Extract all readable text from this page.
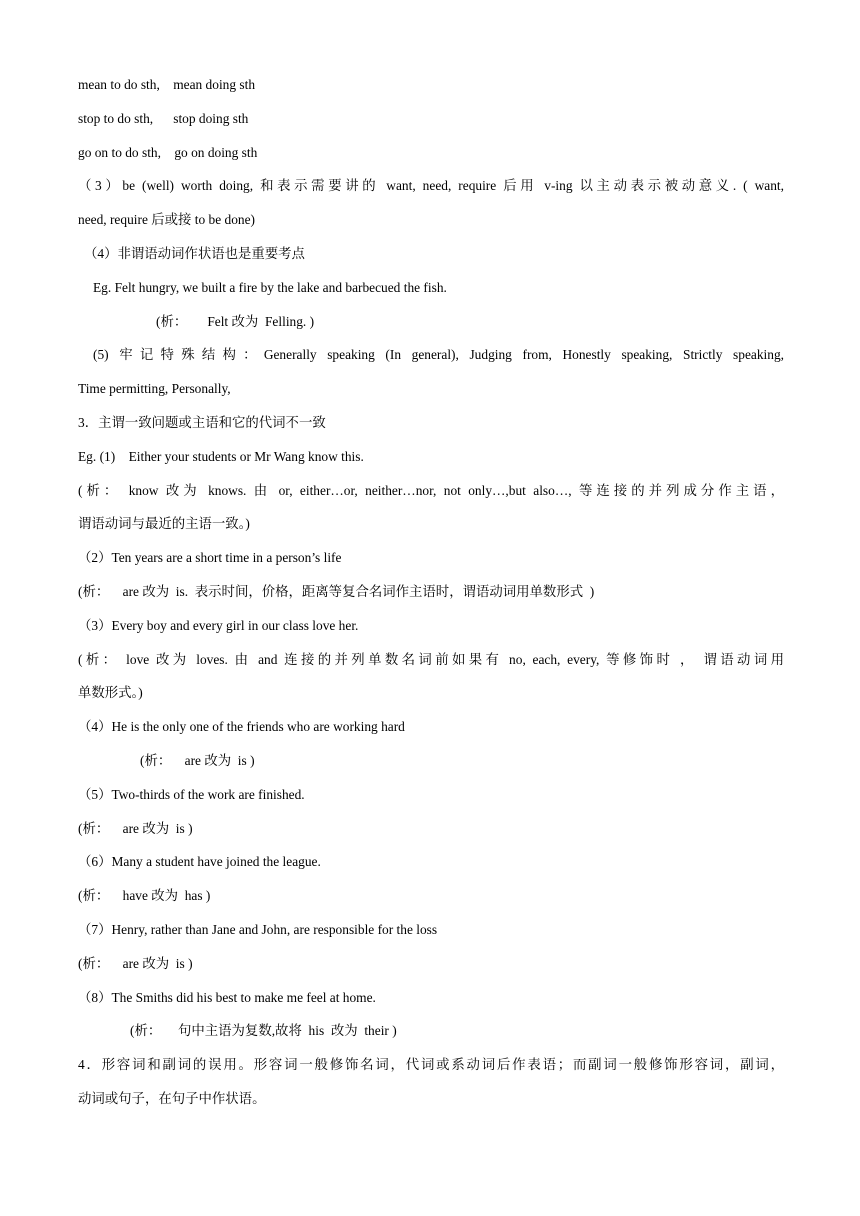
mean to do sth,    mean doing sth
stop to do sth,      stop doing sth
go on to do sth,    go on doing sth
（3）be (well) worth doing, 和表示需要讲的 want, need, require 后用 v-ing 以主动表示被动意义. ( want,
need, require 后或接 to be done)
（4）非谓语动词作状语也是重要考点
Eg. Felt hungry, we built a fire by the lake and barbecued the fish.
(析：      Felt 改为  Felling. )
(5) 牢记特殊结构：Generally speaking (In general), Judging from, Honestly speaking, Strictly speaking,
Time permitting, Personally,
3．主谓一致问题或主语和它的代词不一致
Eg. (1)    Either your students or Mr Wang know this.
(析： know 改为 knows. 由 or, either…or, neither…nor, not only…,but also…, 等连接的并列成分作主语，
谓语动词与最近的主语一致。)
（2）Ten years are a short time in a person’s life
(析：    are 改为  is.  表示时间，价格，距离等复合名词作主语时，谓语动词用单数形式  )
（3）Every boy and every girl in our class love her.
(析： love 改为 loves. 由 and 连接的并列单数名词前如果有 no, each, every, 等修饰时 ， 谓语动词用
单数形式。)
（4）He is the only one of the friends who are working hard
(析：    are 改为  is )
（5）Two-thirds of the work are finished.
(析：    are 改为  is )
（6）Many a student have joined the league.
(析：    have 改为  has )
（7）Henry, rather than Jane and John, are responsible for the loss
(析：    are 改为  is )
（8）The Smiths did his best to make me feel at home.
(析：     句中主语为复数,故将  his  改为  their )
4．形容词和副词的误用。形容词一般修饰名词，代词或系动词后作表语；而副词一般修饰形容词，副词，
动词或句子，在句子中作状语。
